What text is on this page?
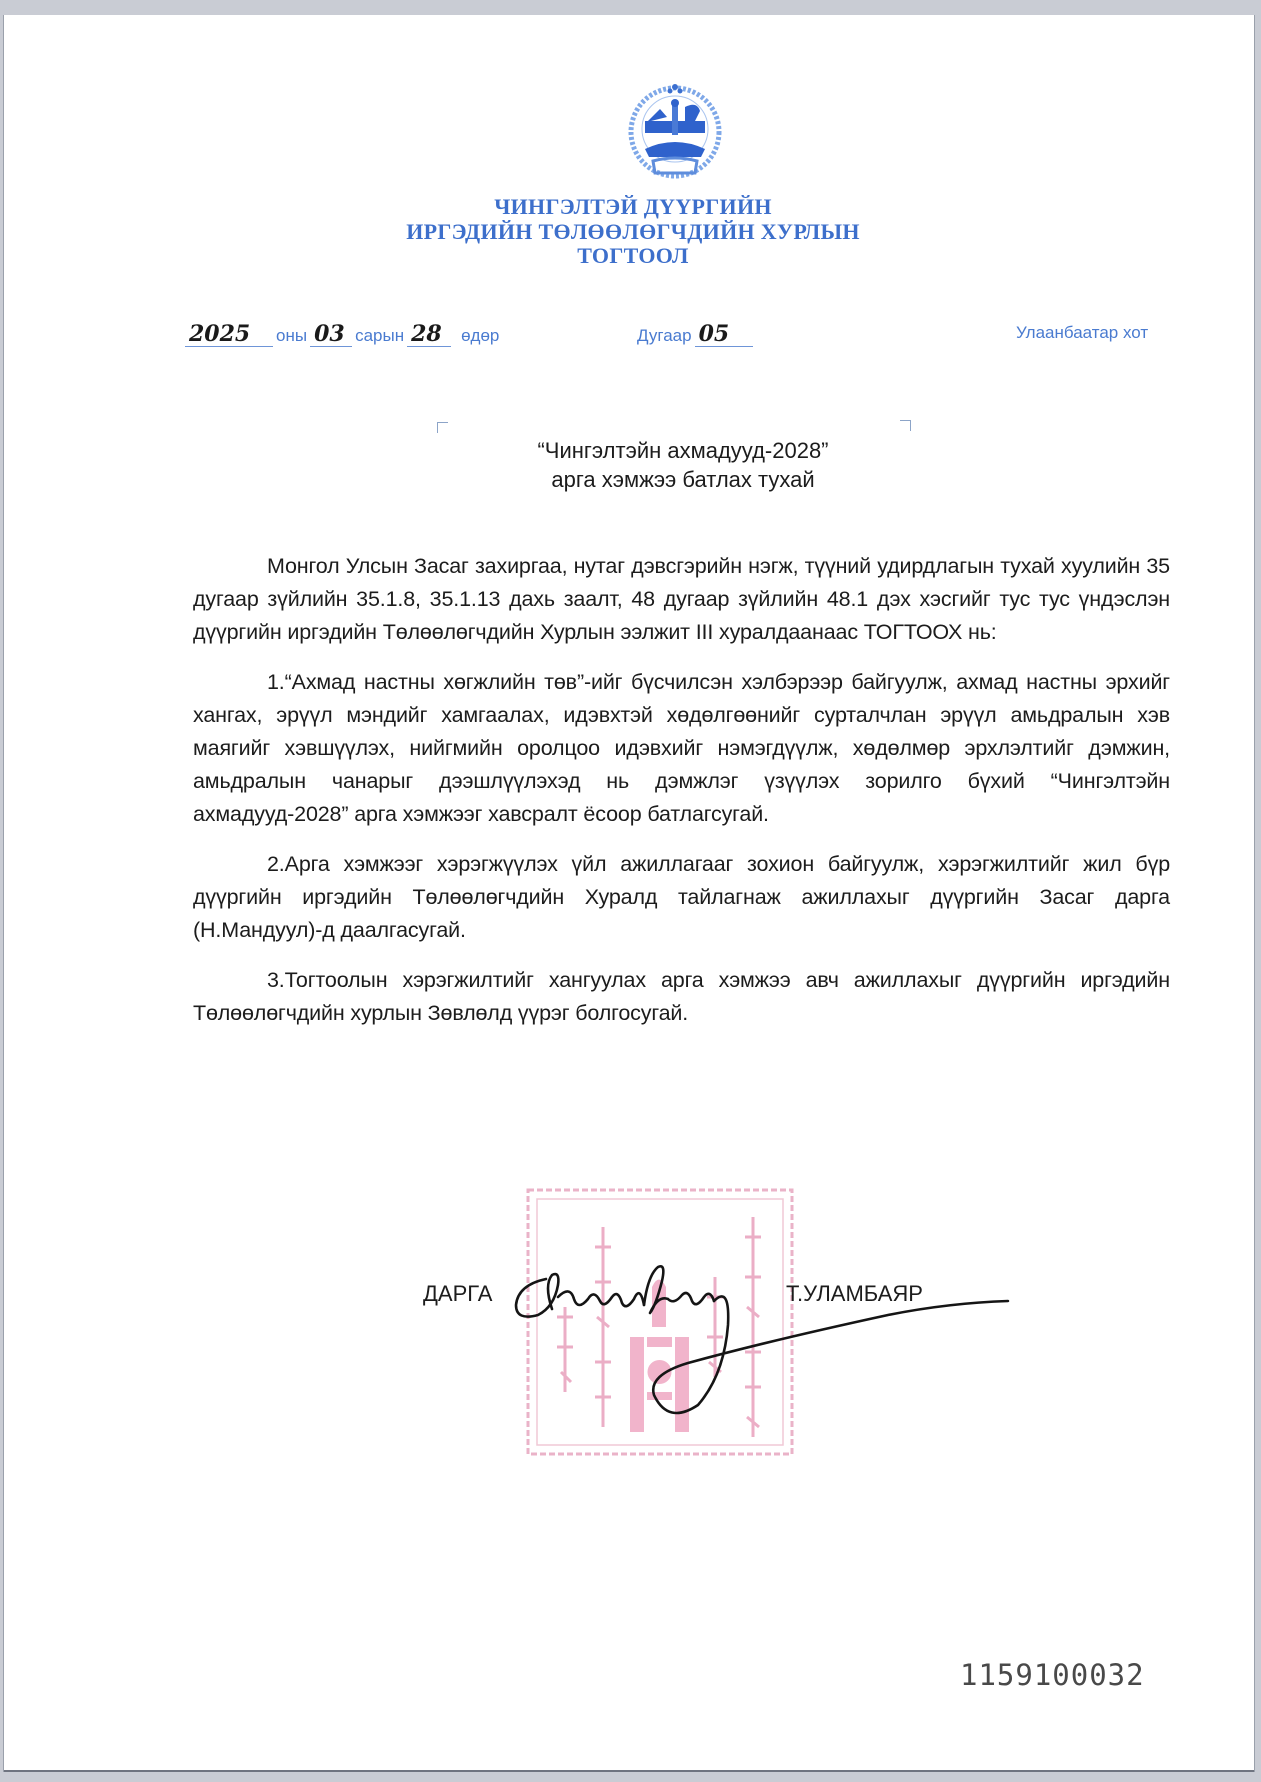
ЧИНГЭЛТЭЙ ДҮҮРГИЙН
ИРГЭДИЙН ТӨЛӨӨЛӨГЧДИЙН ХУРЛЫН
ТОГТООЛ
2025 оны 03 сарын 28 өдөр	Дугаар 05	Улаанбаатар хот
“Чингэлтэйн ахмадууд-2028”
арга хэмжээ батлах тухай

Монгол Улсын Засаг захиргаа, нутаг дэвсгэрийн нэгж, түүний удирдлагын тухай хуулийн 35 дугаар зүйлийн 35.1.8, 35.1.13 дахь заалт, 48 дугаар зүйлийн 48.1 дэх хэсгийг тус тус үндэслэн дүүргийн иргэдийн Төлөөлөгчдийн Хурлын ээлжит III хуралдаанаас ТОГТООХ нь:

1.“Ахмад настны хөгжлийн төв”-ийг бүсчилсэн хэлбэрээр байгуулж, ахмад настны эрхийг хангах, эрүүл мэндийг хамгаалах, идэвхтэй хөдөлгөөнийг сурталчлан эрүүл амьдралын хэв маягийг хэвшүүлэх, нийгмийн оролцоо идэвхийг нэмэгдүүлж, хөдөлмөр эрхлэлтийг дэмжин, амьдралын чанарыг дээшлүүлэхэд нь дэмжлэг үзүүлэх зорилго бүхий “Чингэлтэйн ахмадууд-2028” арга хэмжээг хавсралт ёсоор батлагсугай.

2.Арга хэмжээг хэрэгжүүлэх үйл ажиллагааг зохион байгуулж, хэрэгжилтийг жил бүр дүүргийн иргэдийн Төлөөлөгчдийн Хуралд тайлагнаж ажиллахыг дүүргийн Засаг дарга (Н.Мандуул)-д даалгасугай.

3.Тогтоолын хэрэгжилтийг хангуулах арга хэмжээ авч ажиллахыг дүүргийн иргэдийн Төлөөлөгчдийн хурлын Зөвлөлд үүрэг болгосугай.

ДАРГА	Т.УЛАМБАЯР
1159100032
